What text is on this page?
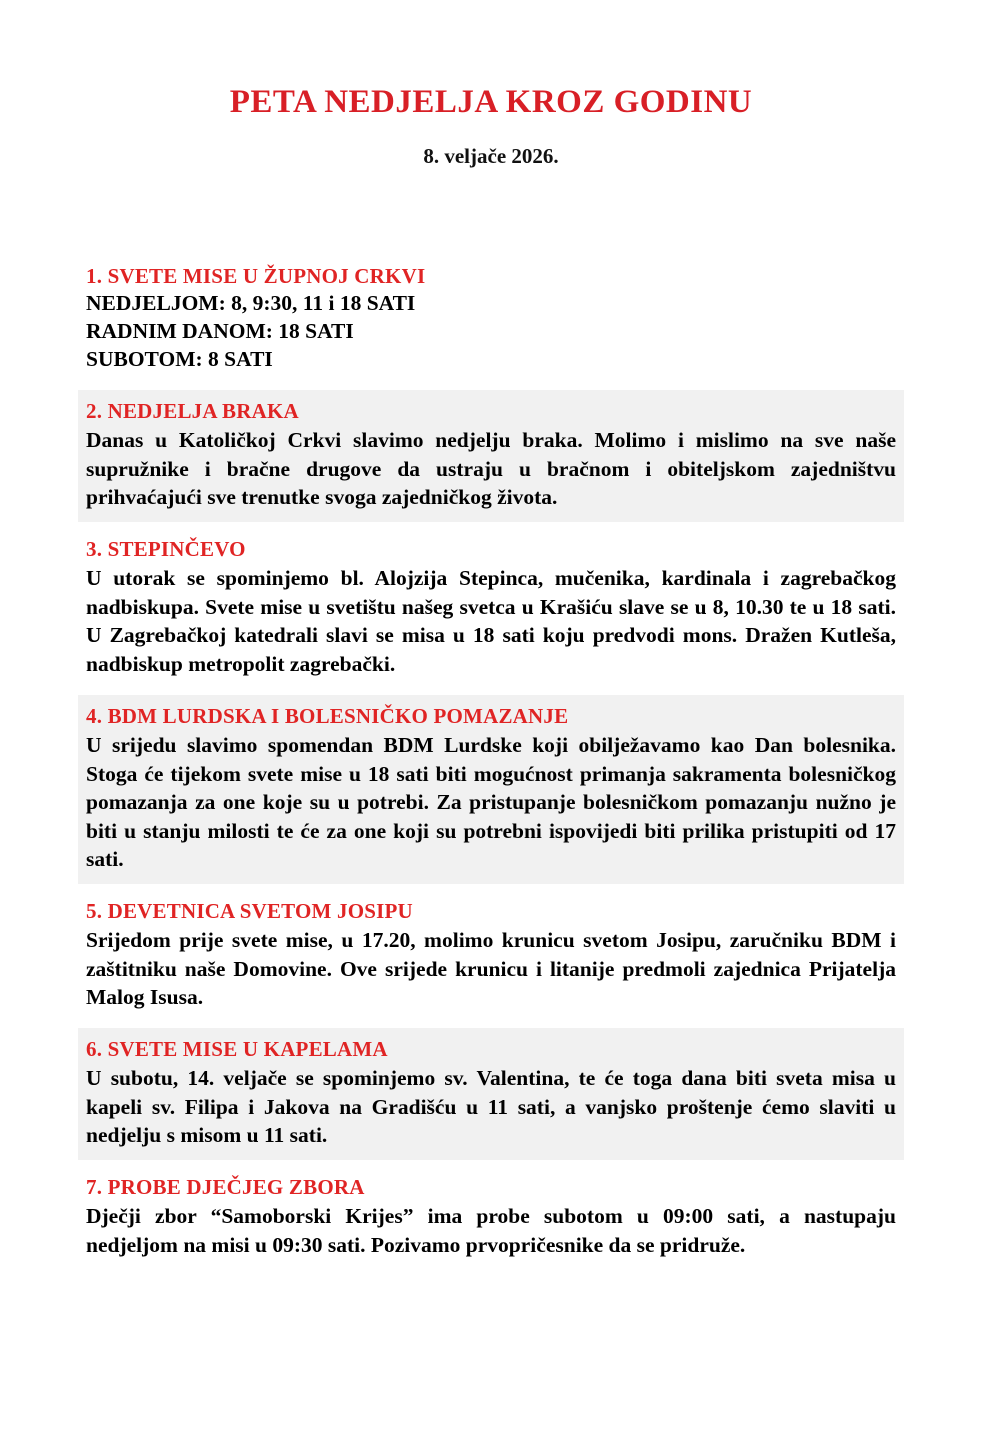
PETA NEDJELJA KROZ GODINU
8. veljače 2026.
1. SVETE MISE U ŽUPNOJ CRKVI

NEDJELJOM: 8, 9:30, 11 i 18 SATI

RADNIM DANOM: 18 SATI

SUBOTOM: 8 SATI

2. NEDJELJA BRAKA

Danas u Katoličkoj Crkvi slavimo nedjelju braka. Molimo i mislimo na sve naše supružnike i bračne drugove da ustraju u bračnom i obiteljskom zajedništvu prihvaćajući sve trenutke svoga zajedničkog života.

3. STEPINČEVO

U utorak se spominjemo bl. Alojzija Stepinca, mučenika, kardinala i zagrebačkog nadbiskupa. Svete mise u svetištu našeg svetca u Krašiću slave se u 8, 10.30 te u 18 sati. U Zagrebačkoj katedrali slavi se misa u 18 sati koju predvodi mons. Dražen Kutleša, nadbiskup metropolit zagrebački.

4. BDM LURDSKA I BOLESNIČKO POMAZANJE

U srijedu slavimo spomendan BDM Lurdske koji obilježavamo kao Dan bolesnika. Stoga će tijekom svete mise u 18 sati biti mogućnost primanja sakramenta bolesničkog pomazanja za one koje su u potrebi. Za pristupanje bolesničkom pomazanju nužno je biti u stanju milosti te će za one koji su potrebni ispovijedi biti prilika pristupiti od 17 sati.

5. DEVETNICA SVETOM JOSIPU

Srijedom prije svete mise, u 17.20, molimo krunicu svetom Josipu, zaručniku BDM i zaštitniku naše Domovine. Ove srijede krunicu i litanije predmoli zajednica Prijatelja Malog Isusa.

6. SVETE MISE U KAPELAMA

U subotu, 14. veljače se spominjemo sv. Valentina, te će toga dana biti sveta misa u kapeli sv. Filipa i Jakova na Gradišću u 11 sati, a vanjsko proštenje ćemo slaviti u nedjelju s misom u 11 sati.

7. PROBE DJEČJEG ZBORA

Dječji zbor “Samoborski Krijes” ima probe subotom u 09:00 sati, a nastupaju nedjeljom na misi u 09:30 sati. Pozivamo prvopričesnike da se pridruže.
